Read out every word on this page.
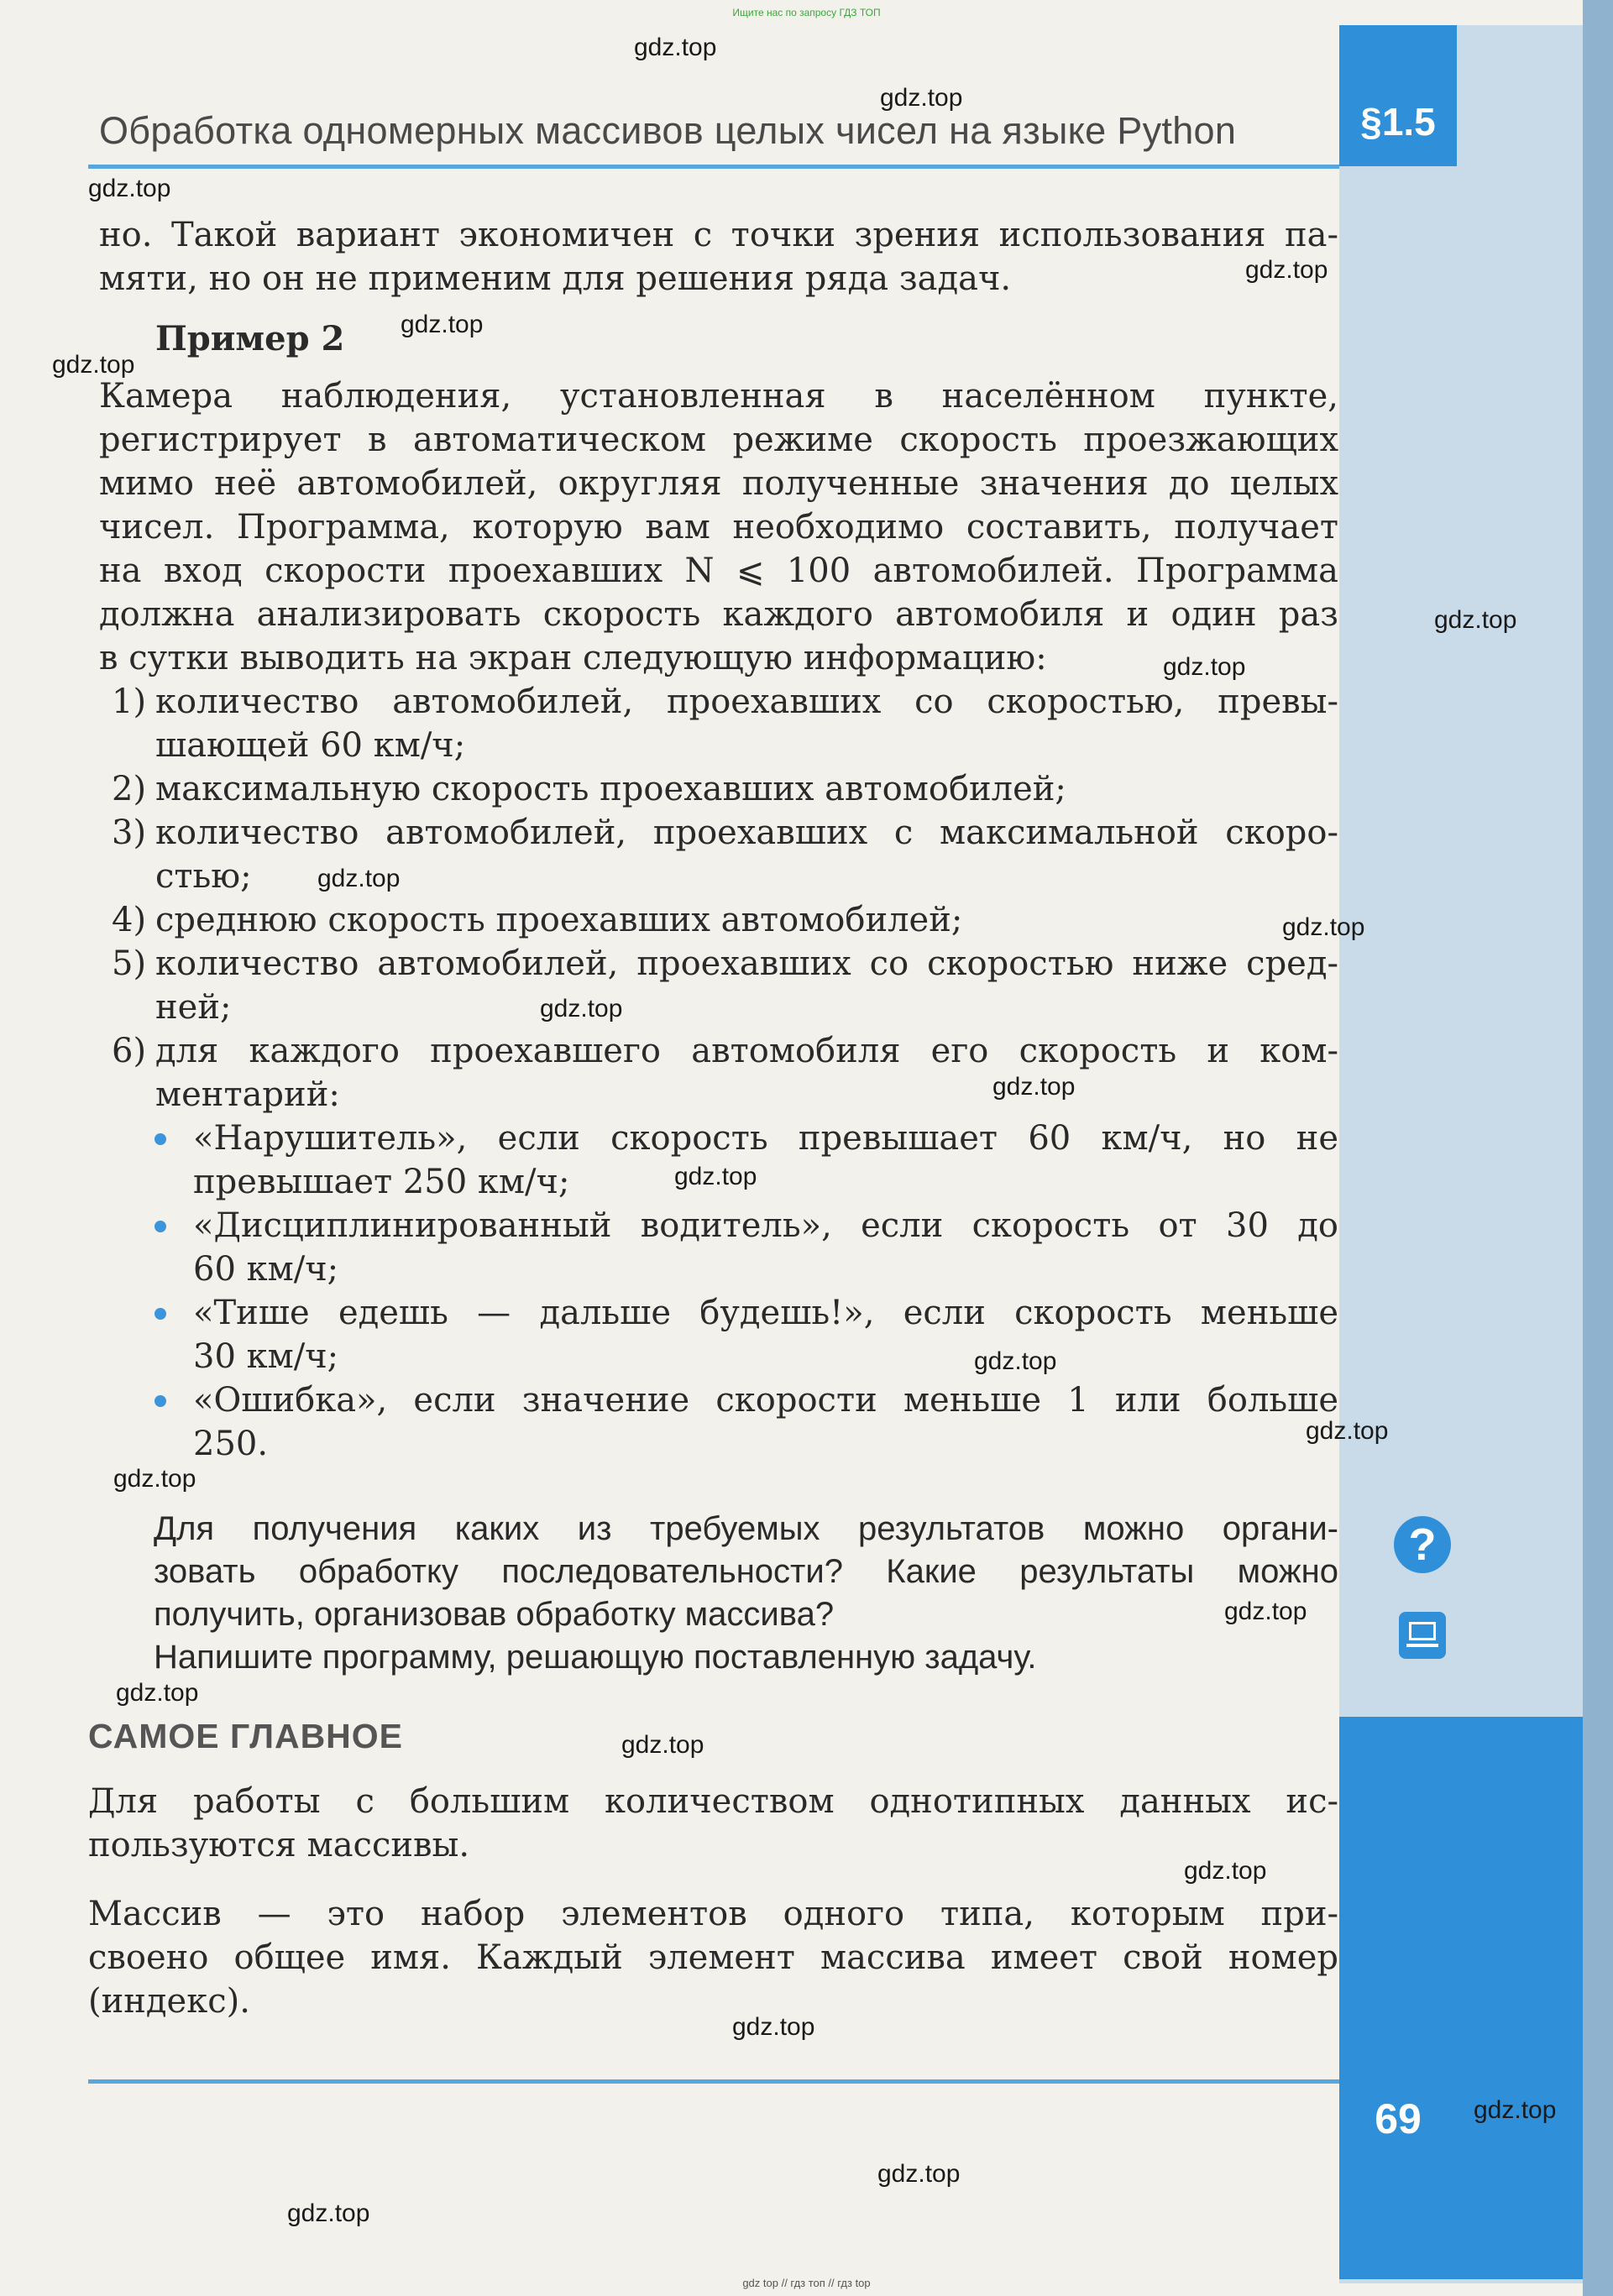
Ищите нас по запросу ГДЗ ТОП
Обработка одномерных массивов целых чисел на языке Python	§1.5
но. Такой вариант экономичен с точки зрения использования па-
мяти, но он не применим для решения ряда задач.
Пример 2
Камера наблюдения, установленная в населённом пункте,
регистрирует в автоматическом режиме скорость проезжающих
мимо неё автомобилей, округляя полученные значения до целых
чисел. Программа, которую вам необходимо составить, получает
на вход скорости проехавших N ⩽ 100 автомобилей. Программа
должна анализировать скорость каждого автомобиля и один раз
в сутки выводить на экран следующую информацию:
1) количество автомобилей, проехавших со скоростью, превы-
шающей 60 км/ч;
2) максимальную скорость проехавших автомобилей;
3) количество автомобилей, проехавших с максимальной скоро-
стью;
4) среднюю скорость проехавших автомобилей;
5) количество автомобилей, проехавших со скоростью ниже сред-
ней;
6) для каждого проехавшего автомобиля его скорость и ком-
ментарий:
«Нарушитель», если скорость превышает 60 км/ч, но не
превышает 250 км/ч;
«Дисциплинированный водитель», если скорость от 30 до
60 км/ч;
«Тише едешь — дальше будешь!», если скорость меньше
30 км/ч;
«Ошибка», если значение скорости меньше 1 или больше
250.
Для получения каких из требуемых результатов можно органи-
зовать обработку последовательности? Какие результаты можно
получить, организовав обработку массива?
Напишите программу, решающую поставленную задачу.
?
САМОЕ ГЛАВНОЕ
Для работы с большим количеством однотипных данных ис-
пользуются массивы.
Массив — это набор элементов одного типа, которым при-
своено общее имя. Каждый элемент массива имеет свой номер
(индекс).
69
gdz.top
gdz.top
gdz.top
gdz.top
gdz.top
gdz.top
gdz.top
gdz.top
gdz.top
gdz.top
gdz.top
gdz.top
gdz.top
gdz.top
gdz.top
gdz.top
gdz.top
gdz.top
gdz.top
gdz.top
gdz.top
gdz.top
gdz.top
gdz.top
gdz top // гдз топ // гдз top
